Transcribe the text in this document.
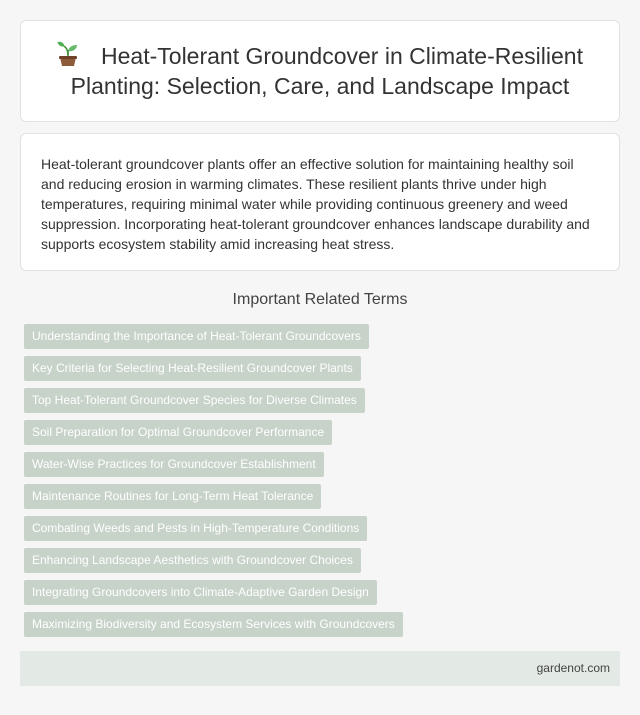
Heat-Tolerant Groundcover in Climate-Resilient Planting: Selection, Care, and Landscape Impact

Heat-tolerant groundcover plants offer an effective solution for maintaining healthy soil and reducing erosion in warming climates. These resilient plants thrive under high temperatures, requiring minimal water while providing continuous greenery and weed suppression. Incorporating heat-tolerant groundcover enhances landscape durability and supports ecosystem stability amid increasing heat stress.

Important Related Terms
Understanding the Importance of Heat-Tolerant Groundcovers
Key Criteria for Selecting Heat-Resilient Groundcover Plants
Top Heat-Tolerant Groundcover Species for Diverse Climates
Soil Preparation for Optimal Groundcover Performance
Water-Wise Practices for Groundcover Establishment
Maintenance Routines for Long-Term Heat Tolerance
Combating Weeds and Pests in High-Temperature Conditions
Enhancing Landscape Aesthetics with Groundcover Choices
Integrating Groundcovers into Climate-Adaptive Garden Design
Maximizing Biodiversity and Ecosystem Services with Groundcovers
gardenot.com
